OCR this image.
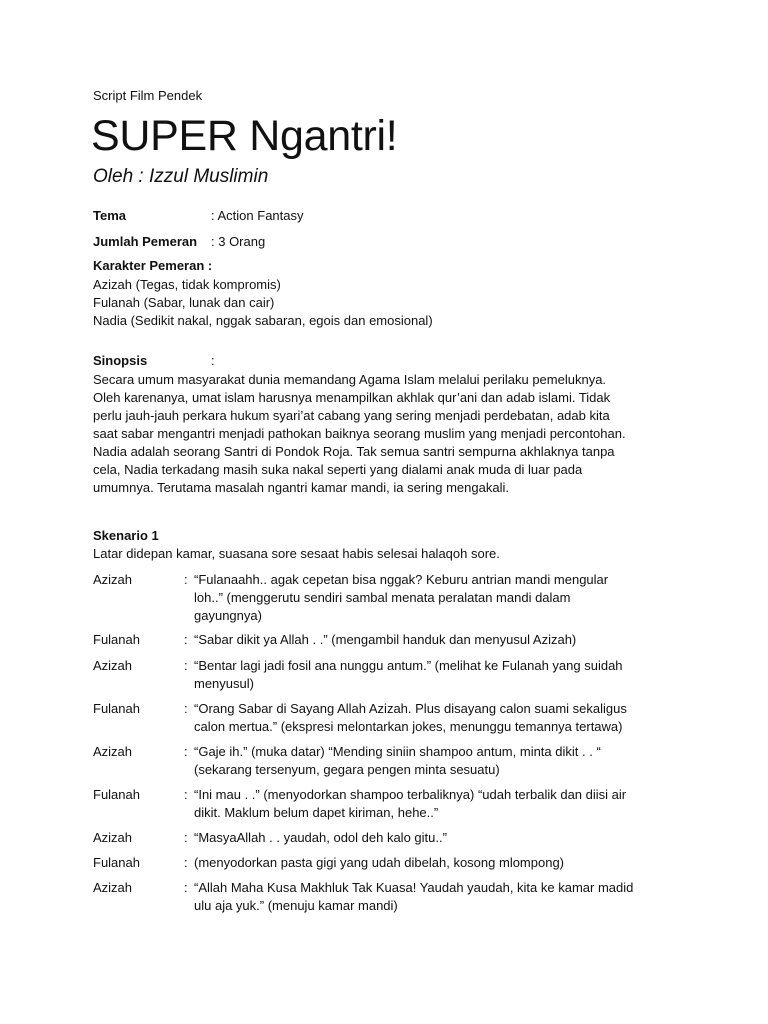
Script Film Pendek
SUPER Ngantri!
Oleh : Izzul Muslimin
Tema	: Action Fantasy
Jumlah Pemeran : 3 Orang
Karakter Pemeran :
Azizah (Tegas, tidak kompromis)
Fulanah (Sabar, lunak dan cair)
Nadia (Sedikit nakal, nggak sabaran, egois dan emosional)
Sinopsis	:
Secara umum masyarakat dunia memandang Agama Islam melalui perilaku pemeluknya.
Oleh karenanya, umat islam harusnya menampilkan akhlak qur’ani dan adab islami. Tidak
perlu jauh-jauh perkara hukum syari’at cabang yang sering menjadi perdebatan, adab kita
saat sabar mengantri menjadi pathokan baiknya seorang muslim yang menjadi percontohan.
Nadia adalah seorang Santri di Pondok Roja. Tak semua santri sempurna akhlaknya tanpa
cela, Nadia terkadang masih suka nakal seperti yang dialami anak muda di luar pada
umumnya. Terutama masalah ngantri kamar mandi, ia sering mengakali.
Skenario 1
Latar didepan kamar, suasana sore sesaat habis selesai halaqoh sore.
Azizah	: “Fulanaahh.. agak cepetan bisa nggak? Keburu antrian mandi mengular
loh..” (menggerutu sendiri sambal menata peralatan mandi dalam
gayungnya)
Fulanah	: “Sabar dikit ya Allah . .” (mengambil handuk dan menyusul Azizah)
Azizah	: “Bentar lagi jadi fosil ana nunggu antum.” (melihat ke Fulanah yang suidah
menyusul)
Fulanah	: “Orang Sabar di Sayang Allah Azizah. Plus disayang calon suami sekaligus
calon mertua.” (ekspresi melontarkan jokes, menunggu temannya tertawa)
Azizah	: “Gaje ih.” (muka datar) “Mending siniin shampoo antum, minta dikit . . “
(sekarang tersenyum, gegara pengen minta sesuatu)
Fulanah	: “Ini mau . .” (menyodorkan shampoo terbaliknya) “udah terbalik dan diisi air
dikit. Maklum belum dapet kiriman, hehe..”
Azizah	: “MasyaAllah . . yaudah, odol deh kalo gitu..”
Fulanah	: (menyodorkan pasta gigi yang udah dibelah, kosong mlompong)
Azizah	: “Allah Maha Kusa Makhluk Tak Kuasa! Yaudah yaudah, kita ke kamar madid
ulu aja yuk.” (menuju kamar mandi)
